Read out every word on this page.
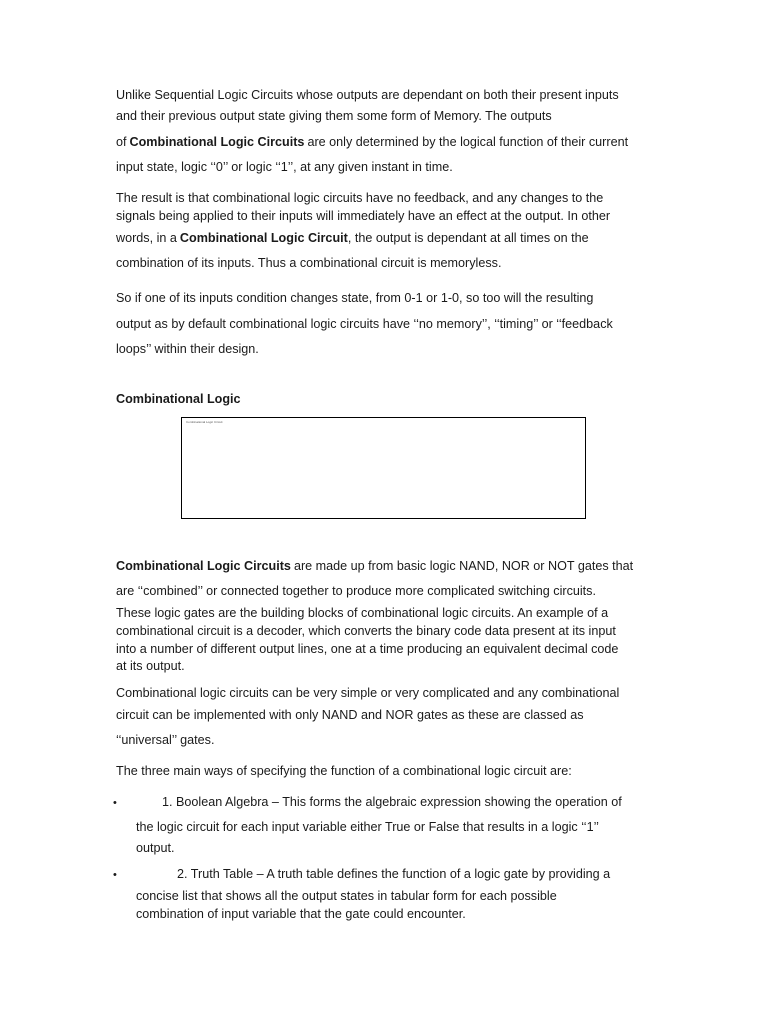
Unlike Sequential Logic Circuits whose outputs are dependant on both their present inputs
and their previous output state giving them some form of Memory. The outputs
of Combinational Logic Circuits are only determined by the logical function of their current
input state, logic ‘‘0’’ or logic ‘‘1’’, at any given instant in time.
The result is that combinational logic circuits have no feedback, and any changes to the
signals being applied to their inputs will immediately have an effect at the output. In other
words, in a Combinational Logic Circuit, the output is dependant at all times on the
combination of its inputs. Thus a combinational circuit is memoryless.
So if one of its inputs condition changes state, from 0-1 or 1-0, so too will the resulting
output as by default combinational logic circuits have ‘‘no memory’’, ‘‘timing’’ or ‘‘feedback
loops’’ within their design.
Combinational Logic
Combinational Logic Circuit
Combinational Logic Circuits are made up from basic logic NAND, NOR or NOT gates that
are ‘‘combined’’ or connected together to produce more complicated switching circuits.
These logic gates are the building blocks of combinational logic circuits. An example of a
combinational circuit is a decoder, which converts the binary code data present at its input
into a number of different output lines, one at a time producing an equivalent decimal code
at its output.
Combinational logic circuits can be very simple or very complicated and any combinational
circuit can be implemented with only NAND and NOR gates as these are classed as
‘‘universal’’ gates.
The three main ways of specifying the function of a combinational logic circuit are:
•	1. Boolean Algebra – This forms the algebraic expression showing the operation of
the logic circuit for each input variable either True or False that results in a logic ‘‘1’’
output.
•	2. Truth Table – A truth table defines the function of a logic gate by providing a
concise list that shows all the output states in tabular form for each possible
combination of input variable that the gate could encounter.
